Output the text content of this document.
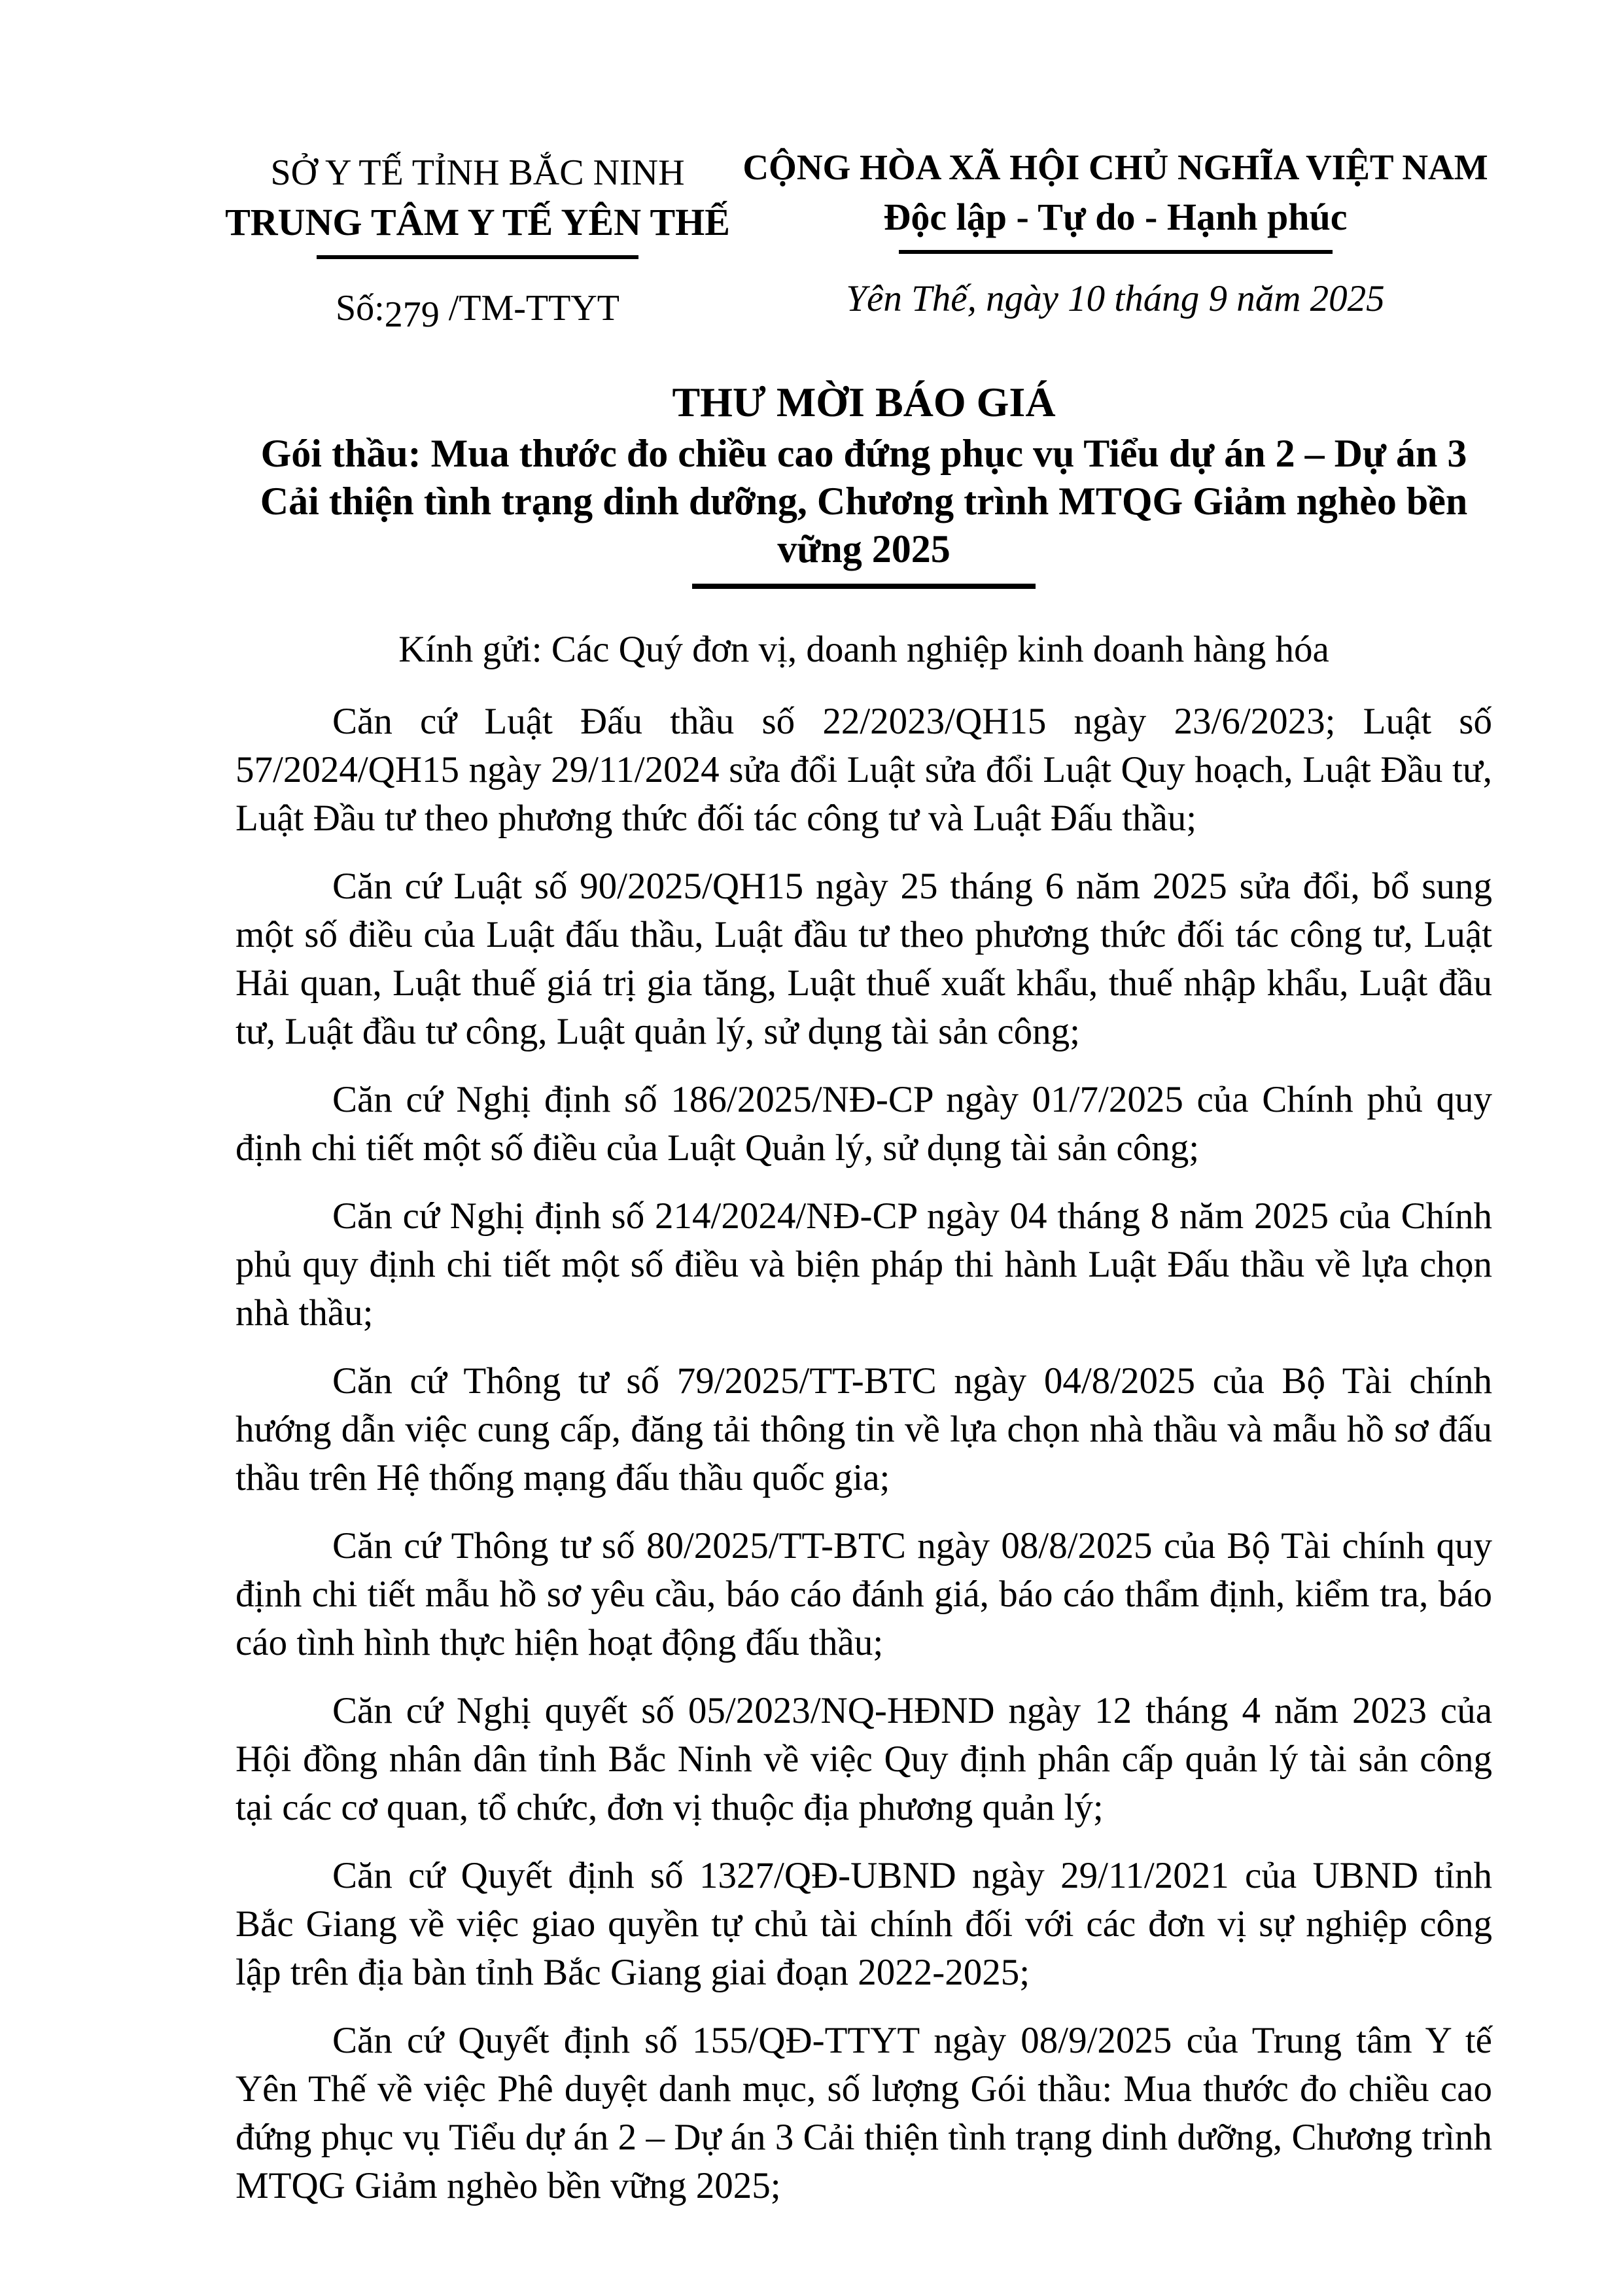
SỞ Y TẾ TỈNH BẮC NINH
TRUNG TÂM Y TẾ YÊN THẾ
Số:279 /TM-TTYT
CỘNG HÒA XÃ HỘI CHỦ NGHĨA VIỆT NAM
Độc lập - Tự do - Hạnh phúc
Yên Thế, ngày 10 tháng 9 năm 2025
THƯ MỜI BÁO GIÁ
Gói thầu: Mua thước đo chiều cao đứng phục vụ Tiểu dự án 2 – Dự án 3 Cải thiện tình trạng dinh dưỡng, Chương trình MTQG Giảm nghèo bền vững 2025
Kính gửi: Các Quý đơn vị, doanh nghiệp kinh doanh hàng hóa

Căn cứ Luật Đấu thầu số 22/2023/QH15 ngày 23/6/2023; Luật số 57/2024/QH15 ngày 29/11/2024 sửa đổi Luật sửa đổi Luật Quy hoạch, Luật Đầu tư, Luật Đầu tư theo phương thức đối tác công tư và Luật Đấu thầu;

Căn cứ Luật số 90/2025/QH15 ngày 25 tháng 6 năm 2025 sửa đổi, bổ sung một số điều của Luật đấu thầu, Luật đầu tư theo phương thức đối tác công tư, Luật Hải quan, Luật thuế giá trị gia tăng, Luật thuế xuất khẩu, thuế nhập khẩu, Luật đầu tư, Luật đầu tư công, Luật quản lý, sử dụng tài sản công;

Căn cứ Nghị định số 186/2025/NĐ-CP ngày 01/7/2025 của Chính phủ quy định chi tiết một số điều của Luật Quản lý, sử dụng tài sản công;

Căn cứ Nghị định số 214/2024/NĐ-CP ngày 04 tháng 8 năm 2025 của Chính phủ quy định chi tiết một số điều và biện pháp thi hành Luật Đấu thầu về lựa chọn nhà thầu;

Căn cứ Thông tư số 79/2025/TT-BTC ngày 04/8/2025 của Bộ Tài chính hướng dẫn việc cung cấp, đăng tải thông tin về lựa chọn nhà thầu và mẫu hồ sơ đấu thầu trên Hệ thống mạng đấu thầu quốc gia;

Căn cứ Thông tư số 80/2025/TT-BTC ngày 08/8/2025 của Bộ Tài chính quy định chi tiết mẫu hồ sơ yêu cầu, báo cáo đánh giá, báo cáo thẩm định, kiểm tra, báo cáo tình hình thực hiện hoạt động đấu thầu;

Căn cứ Nghị quyết số 05/2023/NQ-HĐND ngày 12 tháng 4 năm 2023 của Hội đồng nhân dân tỉnh Bắc Ninh về việc Quy định phân cấp quản lý tài sản công tại các cơ quan, tổ chức, đơn vị thuộc địa phương quản lý;

Căn cứ Quyết định số 1327/QĐ-UBND ngày 29/11/2021 của UBND tỉnh Bắc Giang về việc giao quyền tự chủ tài chính đối với các đơn vị sự nghiệp công lập trên địa bàn tỉnh Bắc Giang giai đoạn 2022-2025;

Căn cứ Quyết định số 155/QĐ-TTYT ngày 08/9/2025 của Trung tâm Y tế Yên Thế về việc Phê duyệt danh mục, số lượng Gói thầu: Mua thước đo chiều cao đứng phục vụ Tiểu dự án 2 – Dự án 3 Cải thiện tình trạng dinh dưỡng, Chương trình MTQG Giảm nghèo bền vững 2025;
